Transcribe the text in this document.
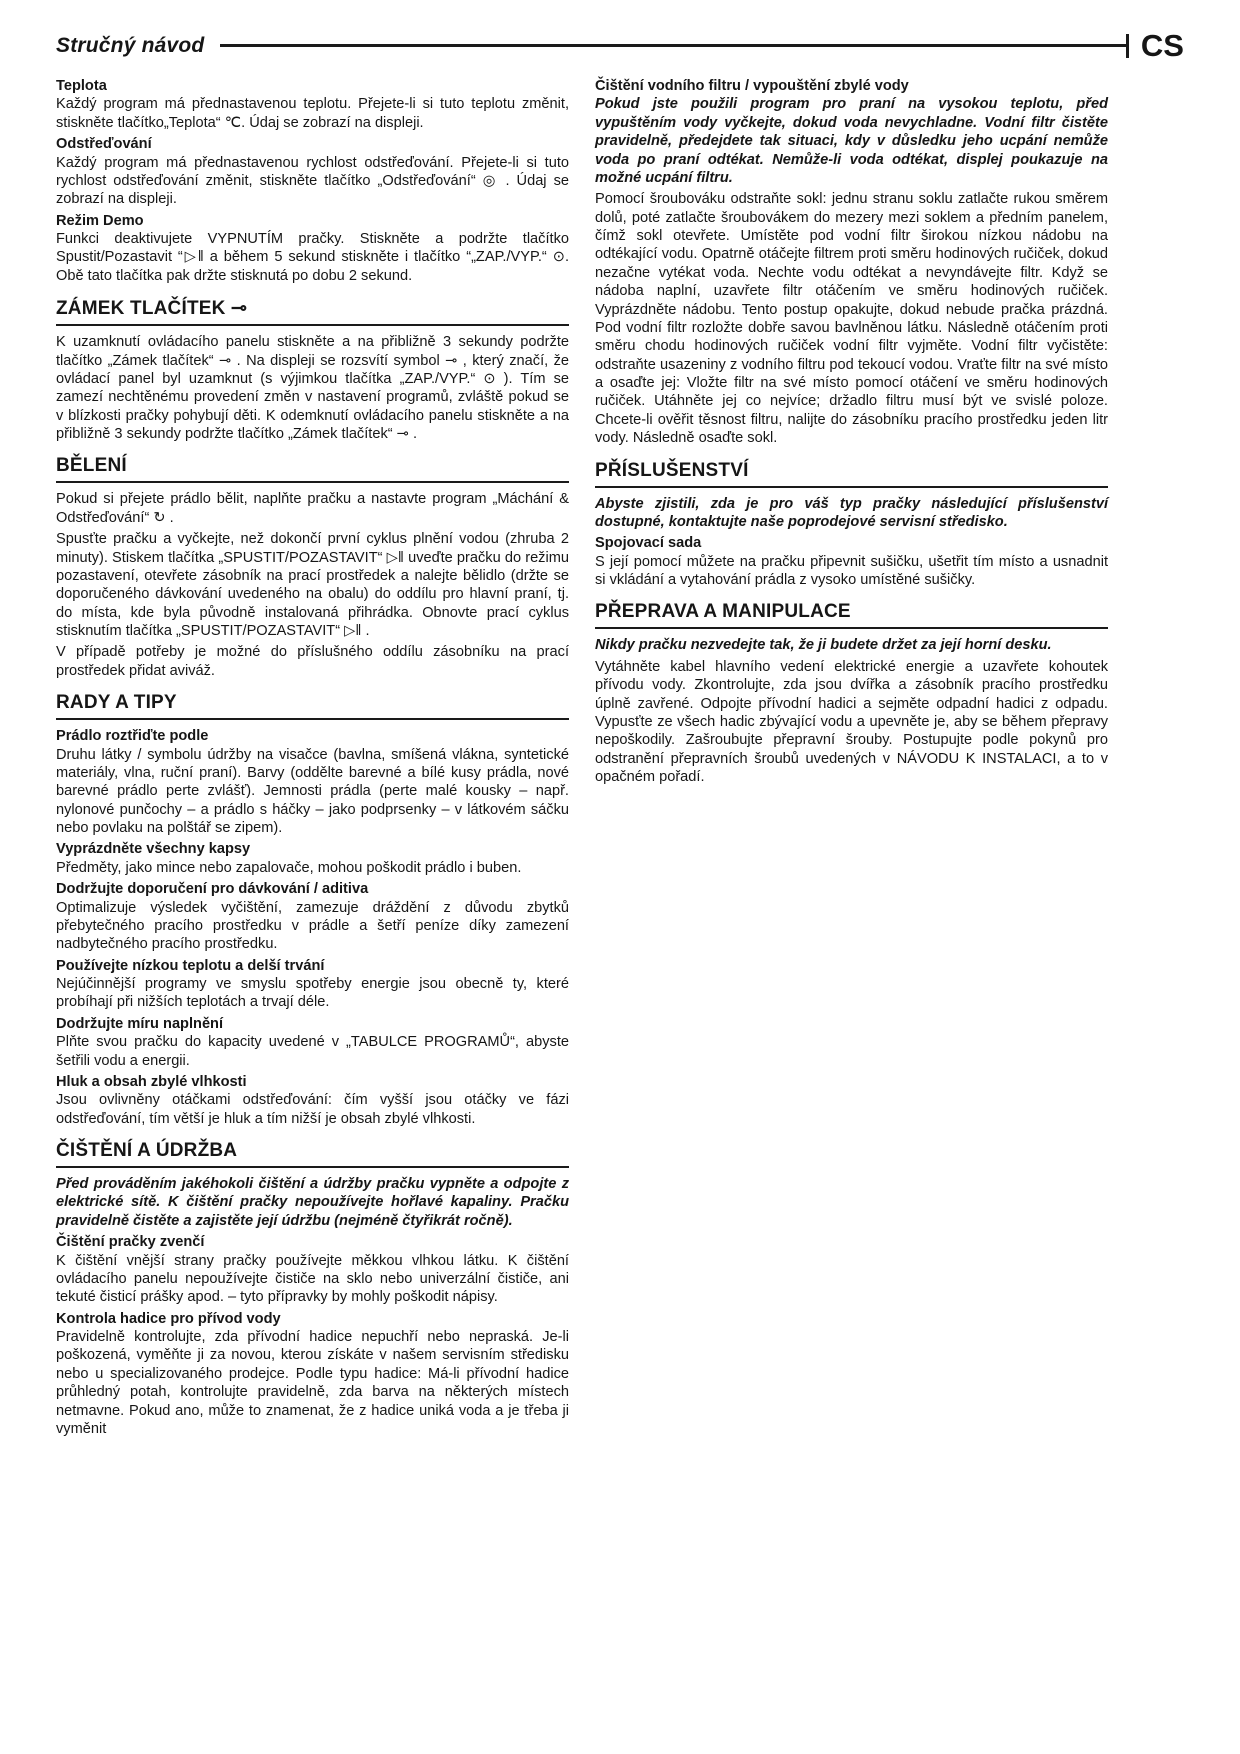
Stručný návod	CS
Teplota

Každý program má přednastavenou teplotu. Přejete-li si tuto teplotu změnit, stiskněte tlačítko„Teplota“ ℃. Údaj se zobrazí na displeji.

Odstřeďování

Každý program má přednastavenou rychlost odstřeďování. Přejete-li si tuto rychlost odstřeďování změnit, stiskněte tlačítko „Odstřeďování“ ◎ . Údaj se zobrazí na displeji.

Režim Demo

Funkci deaktivujete VYPNUTÍM pračky. Stiskněte a podržte tlačítko Spustit/Pozastavit “▷‖ a během 5 sekund stiskněte i tlačítko “„ZAP./VYP.“ ⊙. Obě tato tlačítka pak držte stisknutá po dobu 2 sekund.

ZÁMEK TLAČÍTEK ⊸

K uzamknutí ovládacího panelu stiskněte a na přibližně 3 sekundy podržte tlačítko „Zámek tlačítek“ ⊸ . Na displeji se rozsvítí symbol ⊸ , který značí, že ovládací panel byl uzamknut (s výjimkou tlačítka „ZAP./VYP.“ ⊙ ). Tím se zamezí nechtěnému provedení změn v nastavení programů, zvláště pokud se v blízkosti pračky pohybují děti. K odemknutí ovládacího panelu stiskněte a na přibližně 3 sekundy podržte tlačítko „Zámek tlačítek“ ⊸ .

BĚLENÍ

Pokud si přejete prádlo bělit, naplňte pračku a nastavte program „Máchání & Odstřeďování“ ↻ .

Spusťte pračku a vyčkejte, než dokončí první cyklus plnění vodou (zhruba 2 minuty). Stiskem tlačítka „SPUSTIT/POZASTAVIT“ ▷‖ uveďte pračku do režimu pozastavení, otevřete zásobník na prací prostředek a nalejte bělidlo (držte se doporučeného dávkování uvedeného na obalu) do oddílu pro hlavní praní, tj. do místa, kde byla původně instalovaná přihrádka. Obnovte prací cyklus stisknutím tlačítka „SPUSTIT/POZASTAVIT“ ▷‖ .

V případě potřeby je možné do příslušného oddílu zásobníku na prací prostředek přidat aviváž.

RADY A TIPY
Prádlo roztřiďte podle

Druhu látky / symbolu údržby na visačce (bavlna, smíšená vlákna, syntetické materiály, vlna, ruční praní). Barvy (oddělte barevné a bílé kusy prádla, nové barevné prádlo perte zvlášť). Jemnosti prádla (perte malé kousky – např. nylonové punčochy – a prádlo s háčky – jako podprsenky – v látkovém sáčku nebo povlaku na polštář se zipem).

Vyprázdněte všechny kapsy

Předměty, jako mince nebo zapalovače, mohou poškodit prádlo i buben.

Dodržujte doporučení pro dávkování / aditiva

Optimalizuje výsledek vyčištění, zamezuje dráždění z důvodu zbytků přebytečného pracího prostředku v prádle a šetří peníze díky zamezení nadbytečného pracího prostředku.

Používejte nízkou teplotu a delší trvání

Nejúčinnější programy ve smyslu spotřeby energie jsou obecně ty, které probíhají při nižších teplotách a trvají déle.

Dodržujte míru naplnění

Plňte svou pračku do kapacity uvedené v „TABULCE PROGRAMŮ“, abyste šetřili vodu a energii.

Hluk a obsah zbylé vlhkosti

Jsou ovlivněny otáčkami odstřeďování: čím vyšší jsou otáčky ve fázi odstřeďování, tím větší je hluk a tím nižší je obsah zbylé vlhkosti.

ČIŠTĚNÍ A ÚDRŽBA

Před prováděním jakéhokoli čištění a údržby pračku vypněte a odpojte z elektrické sítě. K čištění pračky nepoužívejte hořlavé kapaliny. Pračku pravidelně čistěte a zajistěte její údržbu (nejméně čtyřikrát ročně).

Čištění pračky zvenčí

K čištění vnější strany pračky používejte měkkou vlhkou látku. K čištění ovládacího panelu nepoužívejte čističe na sklo nebo univerzální čističe, ani tekuté čisticí prášky apod. – tyto přípravky by mohly poškodit nápisy.

Kontrola hadice pro přívod vody

Pravidelně kontrolujte, zda přívodní hadice nepuchří nebo nepraská. Je-li poškozená, vyměňte ji za novou, kterou získáte v našem servisním středisku nebo u specializovaného prodejce. Podle typu hadice: Má-li přívodní hadice průhledný potah, kontrolujte pravidelně, zda barva na některých místech netmavne. Pokud ano, může to znamenat, že z hadice uniká voda a je třeba ji vyměnit

Čištění vodního filtru / vypouštění zbylé vody

Pokud jste použili program pro praní na vysokou teplotu, před vypuštěním vody vyčkejte, dokud voda nevychladne. Vodní filtr čistěte pravidelně, předejdete tak situaci, kdy v důsledku jeho ucpání nemůže voda po praní odtékat. Nemůže-li voda odtékat, displej poukazuje na možné ucpání filtru.

Pomocí šroubováku odstraňte sokl: jednu stranu soklu zatlačte rukou směrem dolů, poté zatlačte šroubovákem do mezery mezi soklem a předním panelem, čímž sokl otevřete. Umístěte pod vodní filtr širokou nízkou nádobu na odtékající vodu. Opatrně otáčejte filtrem proti směru hodinových ručiček, dokud nezačne vytékat voda. Nechte vodu odtékat a nevyndávejte filtr. Když se nádoba naplní, uzavřete filtr otáčením ve směru hodinových ručiček. Vyprázdněte nádobu. Tento postup opakujte, dokud nebude pračka prázdná. Pod vodní filtr rozložte dobře savou bavlněnou látku. Následně otáčením proti směru chodu hodinových ručiček vodní filtr vyjměte. Vodní filtr vyčistěte: odstraňte usazeniny z vodního filtru pod tekoucí vodou. Vraťte filtr na své místo a osaďte jej: Vložte filtr na své místo pomocí otáčení ve směru hodinových ručiček. Utáhněte jej co nejvíce; držadlo filtru musí být ve svislé poloze. Chcete-li ověřit těsnost filtru, nalijte do zásobníku pracího prostředku jeden litr vody. Následně osaďte sokl.

PŘÍSLUŠENSTVÍ

Abyste zjistili, zda je pro váš typ pračky následující příslušenství dostupné, kontaktujte naše poprodejové servisní středisko.

Spojovací sada

S její pomocí můžete na pračku připevnit sušičku, ušetřit tím místo a usnadnit si vkládání a vytahování prádla z vysoko umístěné sušičky.

PŘEPRAVA A MANIPULACE

Nikdy pračku nezvedejte tak, že ji budete držet za její horní desku.

Vytáhněte kabel hlavního vedení elektrické energie a uzavřete kohoutek přívodu vody. Zkontrolujte, zda jsou dvířka a zásobník pracího prostředku úplně zavřené. Odpojte přívodní hadici a sejměte odpadní hadici z odpadu. Vypusťte ze všech hadic zbývající vodu a upevněte je, aby se během přepravy nepoškodily. Zašroubujte přepravní šrouby. Postupujte podle pokynů pro odstranění přepravních šroubů uvedených v NÁVODU K INSTALACI, a to v opačném pořadí.
